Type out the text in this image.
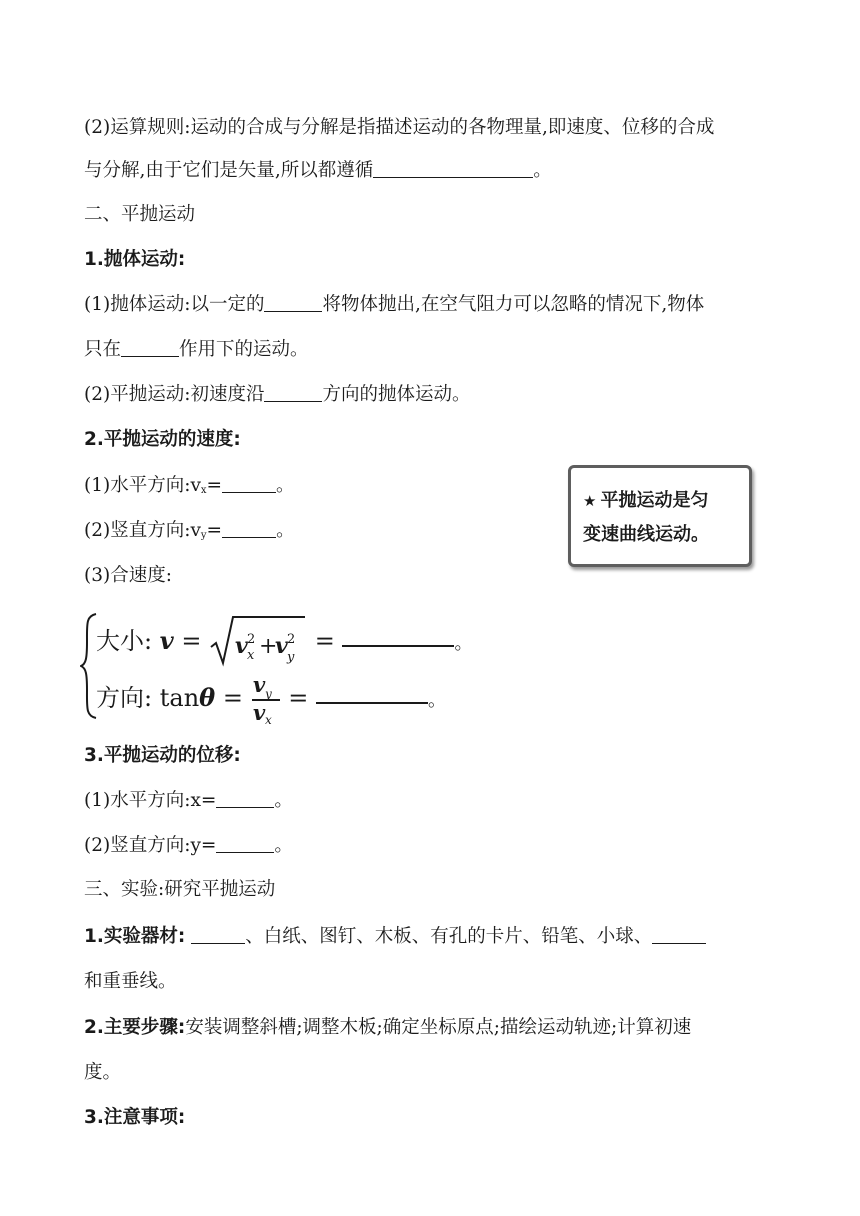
(2)运算规则:运动的合成与分解是指描述运动的各物理量,即速度、位移的合成
与分解,由于它们是矢量,所以都遵循	。
二、平抛运动
1.抛体运动:
(1)抛体运动:以一定的	将物体抛出,在空气阻力可以忽略的情况下,物体
只在	作用下的运动。
(2)平抛运动:初速度沿	方向的抛体运动。
2.平抛运动的速度:
(1)水平方向$:v_x=$	。
(2)竖直方向$:v_y=$	。
(3)合速度:
★ 平抛运动是匀
变速曲线运动。
大小: v = v 2
x +
v 2
y
=	。
方向: tanθ = v y
v x
=	。
3.平抛运动的位移:
(1)水平方向:x=	。
(2)竖直方向:y=	。
三、实验:研究平抛运动
1.实验器材:	、白纸、图钉、木板、有孔的卡片、铅笔、小球、
和重垂线。
2.主要步骤:安装调整斜槽;调整木板;确定坐标原点;描绘运动轨迹;计算初速
度。
3.注意事项:
